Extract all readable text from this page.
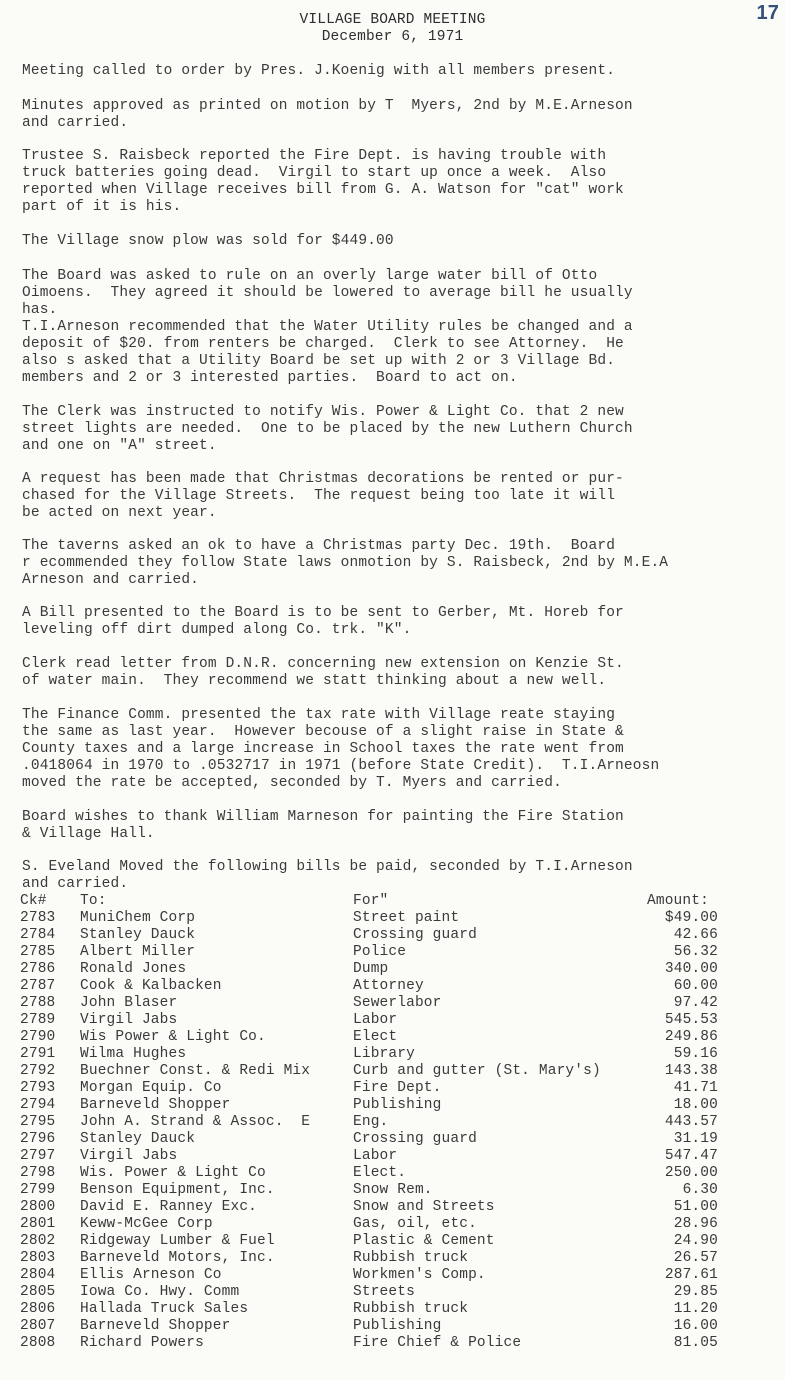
17
VILLAGE BOARD MEETING
December 6, 1971

Meeting called to order by Pres. J.Koenig with all members present.

Minutes approved as printed on motion by T  Myers, 2nd by M.E.Arneson
and carried.

Trustee S. Raisbeck reported the Fire Dept. is having trouble with
truck batteries going dead.  Virgil to start up once a week.  Also
reported when Village receives bill from G. A. Watson for "cat" work
part of it is his.

The Village snow plow was sold for $449.00

The Board was asked to rule on an overly large water bill of Otto
Oimoens.  They agreed it should be lowered to average bill he usually
has.
T.I.Arneson recommended that the Water Utility rules be changed and a
deposit of $20. from renters be charged.  Clerk to see Attorney.  He
also s asked that a Utility Board be set up with 2 or 3 Village Bd.
members and 2 or 3 interested parties.  Board to act on.

The Clerk was instructed to notify Wis. Power & Light Co. that 2 new
street lights are needed.  One to be placed by the new Luthern Church
and one on "A" street.

A request has been made that Christmas decorations be rented or pur-
chased for the Village Streets.  The request being too late it will
be acted on next year.

The taverns asked an ok to have a Christmas party Dec. 19th.  Board
r ecommended they follow State laws onmotion by S. Raisbeck, 2nd by M.E.A
Arneson and carried.

A Bill presented to the Board is to be sent to Gerber, Mt. Horeb for
leveling off dirt dumped along Co. trk. "K".

Clerk read letter from D.N.R. concerning new extension on Kenzie St.
of water main.  They recommend we statt thinking about a new well.

The Finance Comm. presented the tax rate with Village reate staying
the same as last year.  However becouse of a slight raise in State &
County taxes and a large increase in School taxes the rate went from
.0418064 in 1970 to .0532717 in 1971 (before State Credit).  T.I.Arneosn
moved the rate be accepted, seconded by T. Myers and carried.

Board wishes to thank William Marneson for painting the Fire Station
& Village Hall.

S. Eveland Moved the following bills be paid, seconded by T.I.Arneson
and carried.

Ck# To:	For"	Amount:
2783 MuniChem Corp	Street paint	$49.00
2784 Stanley Dauck	Crossing guard	42.66
2785 Albert Miller	Police	56.32
2786 Ronald Jones	Dump	340.00
2787 Cook & Kalbacken	Attorney	60.00
2788 John Blaser	Sewerlabor	97.42
2789 Virgil Jabs	Labor	545.53
2790 Wis Power & Light Co.	Elect	249.86
2791 Wilma Hughes	Library	59.16
2792 Buechner Const. & Redi Mix	Curb and gutter (St. Mary's)	143.38
2793 Morgan Equip. Co	Fire Dept.	41.71
2794 Barneveld Shopper	Publishing	18.00
2795 John A. Strand & Assoc.  E	Eng.	443.57
2796 Stanley Dauck	Crossing guard	31.19
2797 Virgil Jabs	Labor	547.47
2798 Wis. Power & Light Co	Elect.	250.00
2799 Benson Equipment, Inc.	Snow Rem.	6.30
2800 David E. Ranney Exc.	Snow and Streets	51.00
2801 Keww-McGee Corp	Gas, oil, etc.	28.96
2802 Ridgeway Lumber & Fuel	Plastic & Cement	24.90
2803 Barneveld Motors, Inc.	Rubbish truck	26.57
2804 Ellis Arneson Co	Workmen's Comp.	287.61
2805 Iowa Co. Hwy. Comm	Streets	29.85
2806 Hallada Truck Sales	Rubbish truck	11.20
2807 Barneveld Shopper	Publishing	16.00
2808 Richard Powers	Fire Chief & Police	81.05
